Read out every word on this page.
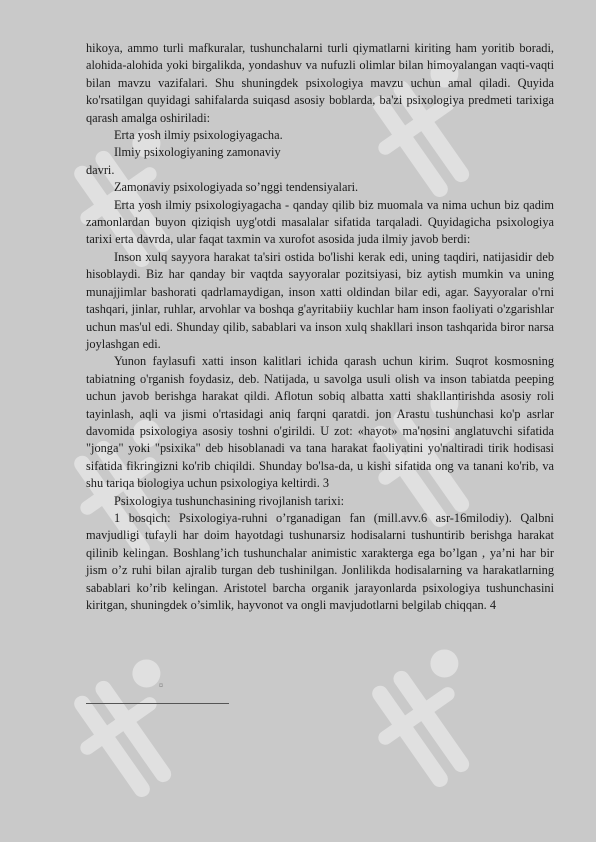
hikoya, ammo turli mafkuralar, tushunchalarni turli qiymatlarni kiriting ham yoritib boradi, alohida-alohida yoki birgalikda, yondashuv va nufuzli olimlar bilan himoyalangan vaqti-vaqti bilan mavzu vazifalari. Shu shuningdek psixologiya mavzu uchun amal qiladi. Quyida ko'rsatilgan quyidagi sahifalarda suiqasd asosiy boblarda, ba'zi psixologiya predmeti tarixiga qarash amalga oshiriladi:

Erta yosh ilmiy psixologiyagacha.

Ilmiy psixologiyaning zamonaviy

davri.

Zamonaviy psixologiyada so’nggi tendensiyalari.

Erta yosh ilmiy psixologiyagacha - qanday qilib biz muomala va nima uchun biz qadim zamonlardan buyon qiziqish uyg'otdi masalalar sifatida tarqaladi. Quyidagicha psixologiya tarixi erta davrda, ular faqat taxmin va xurofot asosida juda ilmiy javob berdi:

Inson xulq sayyora harakat ta'siri ostida bo'lishi kerak edi, uning taqdiri, natijasidir deb hisoblaydi. Biz har qanday bir vaqtda sayyoralar pozitsiyasi, biz aytish mumkin va uning munajjimlar bashorati qadrlamaydigan, inson xatti oldindan bilar edi, agar. Sayyoralar o'rni tashqari, jinlar, ruhlar, arvohlar va boshqa g'ayritabiiy kuchlar ham inson faoliyati o'zgarishlar uchun mas'ul edi. Shunday qilib, sabablari va inson xulq shakllari inson tashqarida biror narsa joylashgan edi.

Yunon faylasufi xatti inson kalitlari ichida qarash uchun kirim. Suqrot kosmosning tabiatning o'rganish foydasiz, deb. Natijada, u savolga usuli olish va inson tabiatda peeping uchun javob berishga harakat qildi. Aflotun sobiq albatta xatti shakllantirishda asosiy roli tayinlash, aqli va jismi o'rtasidagi aniq farqni qaratdi. jon Arastu tushunchasi ko'p asrlar davomida psixologiya asosiy toshni o'girildi. U zot: «hayot» ma'nosini anglatuvchi sifatida "jonga" yoki "psixika" deb hisoblanadi va tana harakat faoliyatini yo'naltiradi tirik hodisasi sifatida fikringizni ko'rib chiqildi. Shunday bo'lsa-da, u kishi sifatida ong va tanani ko'rib, va shu tariqa biologiya uchun psixologiya keltirdi. 3

Psixologiya tushunchasining rivojlanish tarixi:

1 bosqich: Psixologiya-ruhni o’rganadigan fan (mill.avv.6 asr-16milodiy). Qalbni mavjudligi tufayli har doim hayotdagi tushunarsiz hodisalarni tushuntirib berishga harakat qilinib kelingan. Boshlang’ich tushunchalar animistic xarakterga ega bo’lgan , ya’ni har bir jism o’z ruhi bilan ajralib turgan deb tushinilgan. Jonlilikda hodisalarning va harakatlarning sabablari ko’rib kelingan. Aristotel barcha organik jarayonlarda psixologiya tushunchasini kiritgan, shuningdek o’simlik, hayvonot va ongli mavjudotlarni belgilab chiqqan. 4

¤
